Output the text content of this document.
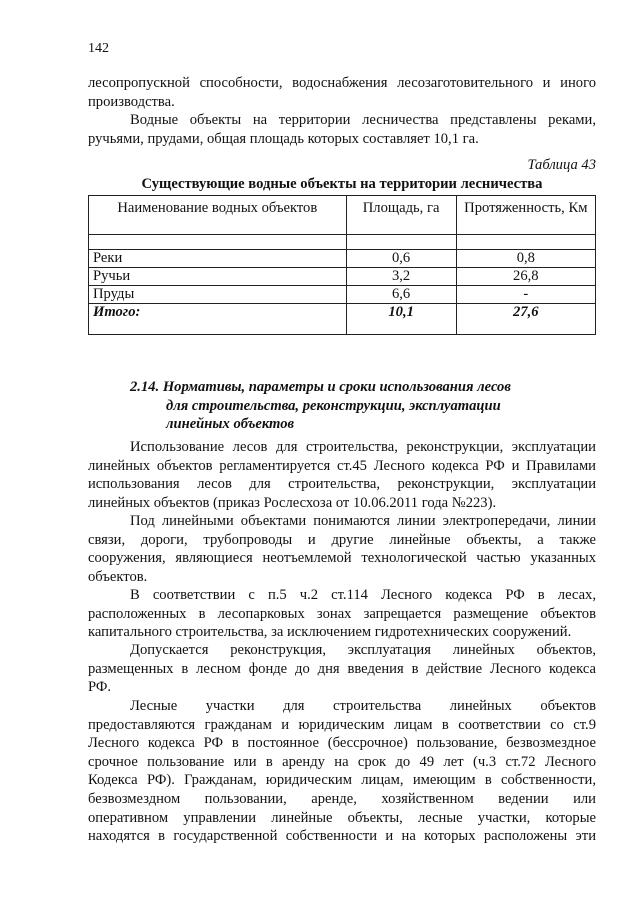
142

лесопропускной способности, водоснабжения лесозаготовительного и иного
производства.

Водные объекты на территории лесничества представлены реками,
ручьями, прудами, общая площадь которых составляет 10,1 га.

Таблица 43
Существующие водные объекты на территории лесничества
Наименование водных объектов	Площадь, га	Протяженность, Км

Реки	0,6	0,8
Ручьи	3,2	26,8
Пруды	6,6	-
Итого:	10,1	27,6
2.14. Нормативы, параметры и сроки использования лесов
для строительства, реконструкции, эксплуатации
линейных объектов

Использование лесов для строительства, реконструкции, эксплуатации
линейных объектов регламентируется ст.45 Лесного кодекса РФ и Правилами
использования лесов для строительства, реконструкции, эксплуатации
линейных объектов (приказ Рослесхоза от 10.06.2011 года №223).

Под линейными объектами понимаются линии электропередачи, линии
связи, дороги, трубопроводы и другие линейные объекты, а также
сооружения, являющиеся неотъемлемой технологической частью указанных
объектов.

В соответствии с п.5 ч.2 ст.114 Лесного кодекса РФ в лесах,
расположенных в лесопарковых зонах запрещается размещение объектов
капитального строительства, за исключением гидротехнических сооружений.

Допускается реконструкция, эксплуатация линейных объектов,
размещенных в лесном фонде до дня введения в действие Лесного кодекса
РФ.

Лесные участки для строительства линейных объектов
предоставляются гражданам и юридическим лицам в соответствии со ст.9
Лесного кодекса РФ в постоянное (бессрочное) пользование, безвозмездное
срочное пользование или в аренду на срок до 49 лет (ч.3 ст.72 Лесного
Кодекса РФ). Гражданам, юридическим лицам, имеющим в собственности,
безвозмездном пользовании, аренде, хозяйственном ведении или
оперативном управлении линейные объекты, лесные участки, которые
находятся в государственной собственности и на которых расположены эти
